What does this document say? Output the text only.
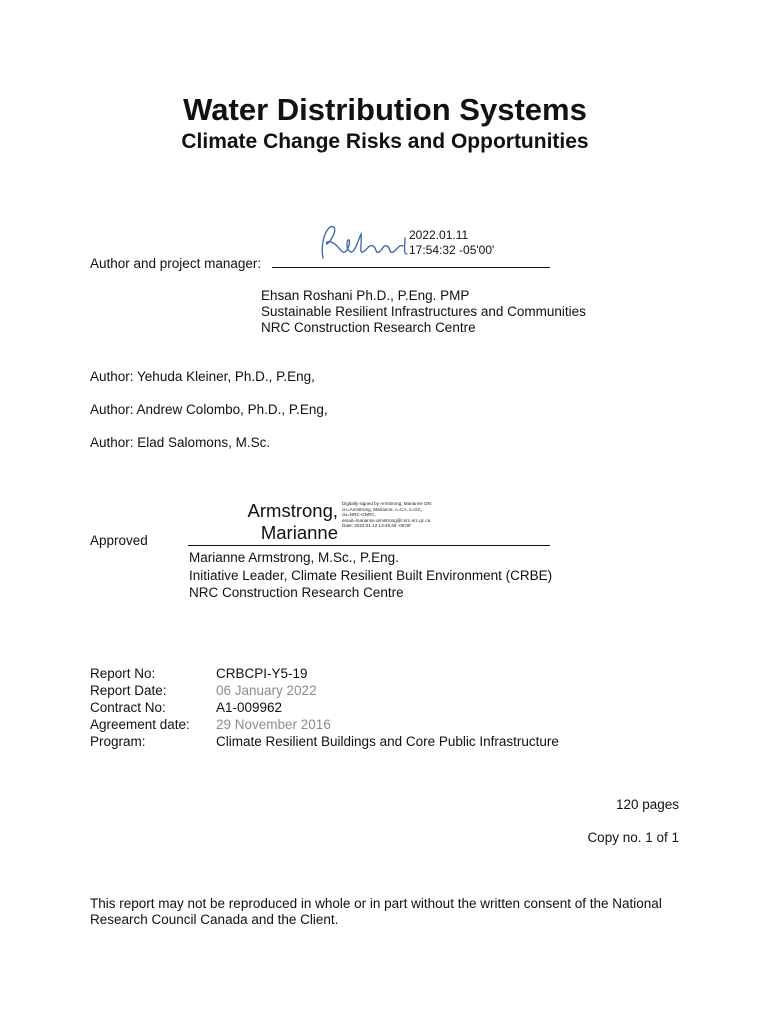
Water Distribution Systems
Climate Change Risks and Opportunities
Author and project manager:
2022.01.11
17:54:32 -05'00'
Ehsan Roshani Ph.D., P.Eng. PMP
Sustainable Resilient Infrastructures and Communities
NRC Construction Research Centre
Author: Yehuda Kleiner, Ph.D., P.Eng,
Author: Andrew Colombo, Ph.D., P.Eng,
Author: Elad Salomons, M.Sc.
Approved
Armstrong,
Marianne
Digitally signed by Armstrong, Marianne DN: cn=Armstrong, Marianne, c=CA, o=GC, ou=NRC-CNRC, email=marianne.armstrong@cnrc-nrc.gc.ca Date: 2022.01.12 13:45:46 -05'00'
Marianne Armstrong, M.Sc., P.Eng.
Initiative Leader, Climate Resilient Built Environment (CRBE)
NRC Construction Research Centre
Report No:	CRBCPI-Y5-19
Report Date:	06 January 2022
Contract No:	A1-009962
Agreement date: 29 November 2016
Program:	Climate Resilient Buildings and Core Public Infrastructure
120 pages
Copy no. 1 of 1
This report may not be reproduced in whole or in part without the written consent of the National
Research Council Canada and the Client.
